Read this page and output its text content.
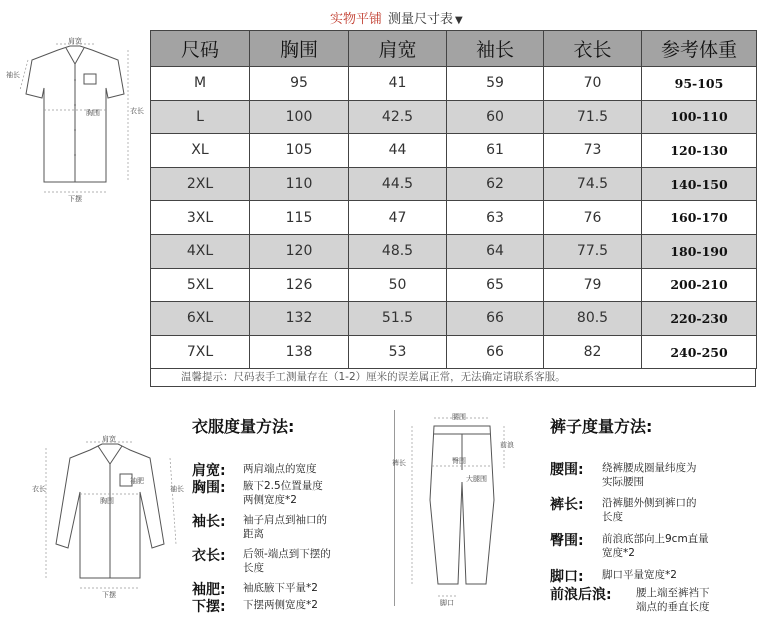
实物平铺 测量尺寸表 ▼
肩宽
袖长
胸围	衣长
下摆
尺码	胸围	肩宽	袖长	衣长	参考体重
M	95	41	59	70	95-105
L	100	42.5	60	71.5	100-110
XL	105	44	61	73	120-130
2XL	110	44.5	62	74.5	140-150
3XL	115	47	63	76	160-170
4XL	120	48.5	64	77.5	180-190
5XL	126	50	65	79	200-210
6XL	132	51.5	66	80.5	220-230
7XL	138	53	66	82	240-250
温馨提示：尺码表手工测量存在（1-2）厘米的误差属正常，无法确定请联系客服。
肩宽
袖肥
衣长	袖长
胸围
下摆
衣服度量方法:
肩宽: 两肩端点的宽度
胸围: 腋下2.5位置量度
两侧宽度*2
袖长: 袖子肩点到袖口的
距离
衣长: 后领-端点到下摆的
长度
袖肥: 袖底腋下平量*2
下摆: 下摆两侧宽度*2
腰围
前浪
裤长	臀围
大腿围
脚口
裤子度量方法:
腰围: 绕裤腰成圈量纬度为
实际腰围
裤长: 沿裤腿外侧到裤口的
长度
臀围: 前浪底部向上9cm直量
宽度*2
脚口: 脚口平量宽度*2
前浪后浪: 腰上端至裤裆下
端点的垂直长度
